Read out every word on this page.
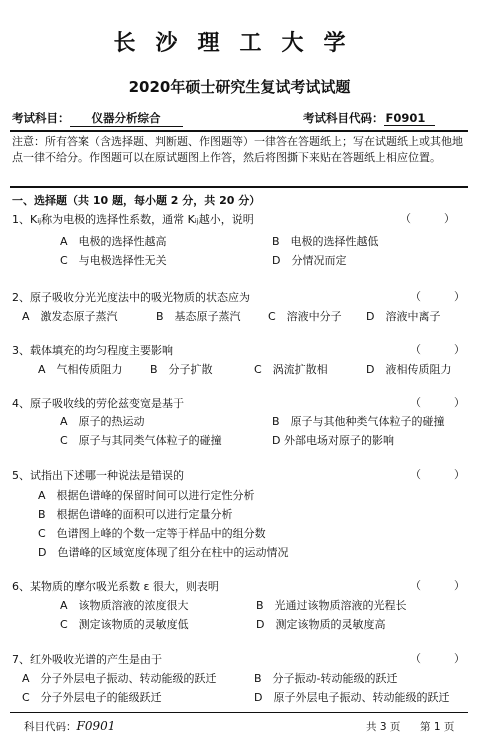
长沙理工大学
2020年硕士研究生复试考试试题
考试科目： 仪器分析综合	考试科目代码： F0901
注意：所有答案（含选择题、判断题、作图题等）一律答在答题纸上；写在试题纸上或其他地点一律不给分。作图题可以在原试题图上作答，然后将图撕下来贴在答题纸上相应位置。
一、选择题（共 10 题，每小题 2 分，共 20 分）
1、Kᵢⱼ称为电极的选择性系数，通常 Kᵢⱼ越小，说明	（　　　）
A　电极的选择性越高	B　电极的选择性越低
C　与电极选择性无关	D　分情况而定
2、原子吸收分光光度法中的吸光物质的状态应为	（　　　）
A　激发态原子蒸汽	B　基态原子蒸汽 C　溶液中分子 D　溶液中离子
3、载体填充的均匀程度主要影响	（　　　）
A　气相传质阻力 B　分子扩散	C　涡流扩散相	D　液相传质阻力
4、原子吸收线的劳伦兹变宽是基于	（　　　）
A　原子的热运动	B　原子与其他种类气体粒子的碰撞
C　原子与其同类气体粒子的碰撞	D 外部电场对原子的影响
5、试指出下述哪一种说法是错误的	（　　　）
A　根据色谱峰的保留时间可以进行定性分析
B　根据色谱峰的面积可以进行定量分析
C　色谱图上峰的个数一定等于样品中的组分数
D　色谱峰的区域宽度体现了组分在柱中的运动情况
6、某物质的摩尔吸光系数 ε 很大，则表明	（　　　）
A　该物质溶液的浓度很大	B　光通过该物质溶液的光程长
C　测定该物质的灵敏度低	D　测定该物质的灵敏度高
7、红外吸收光谱的产生是由于	（　　　）
A　分子外层电子振动、转动能级的跃迁	B　分子振动-转动能级的跃迁
C　分子外层电子的能级跃迁	D　原子外层电子振动、转动能级的跃迁
科目代码：F0901	共 3 页 第 1 页
